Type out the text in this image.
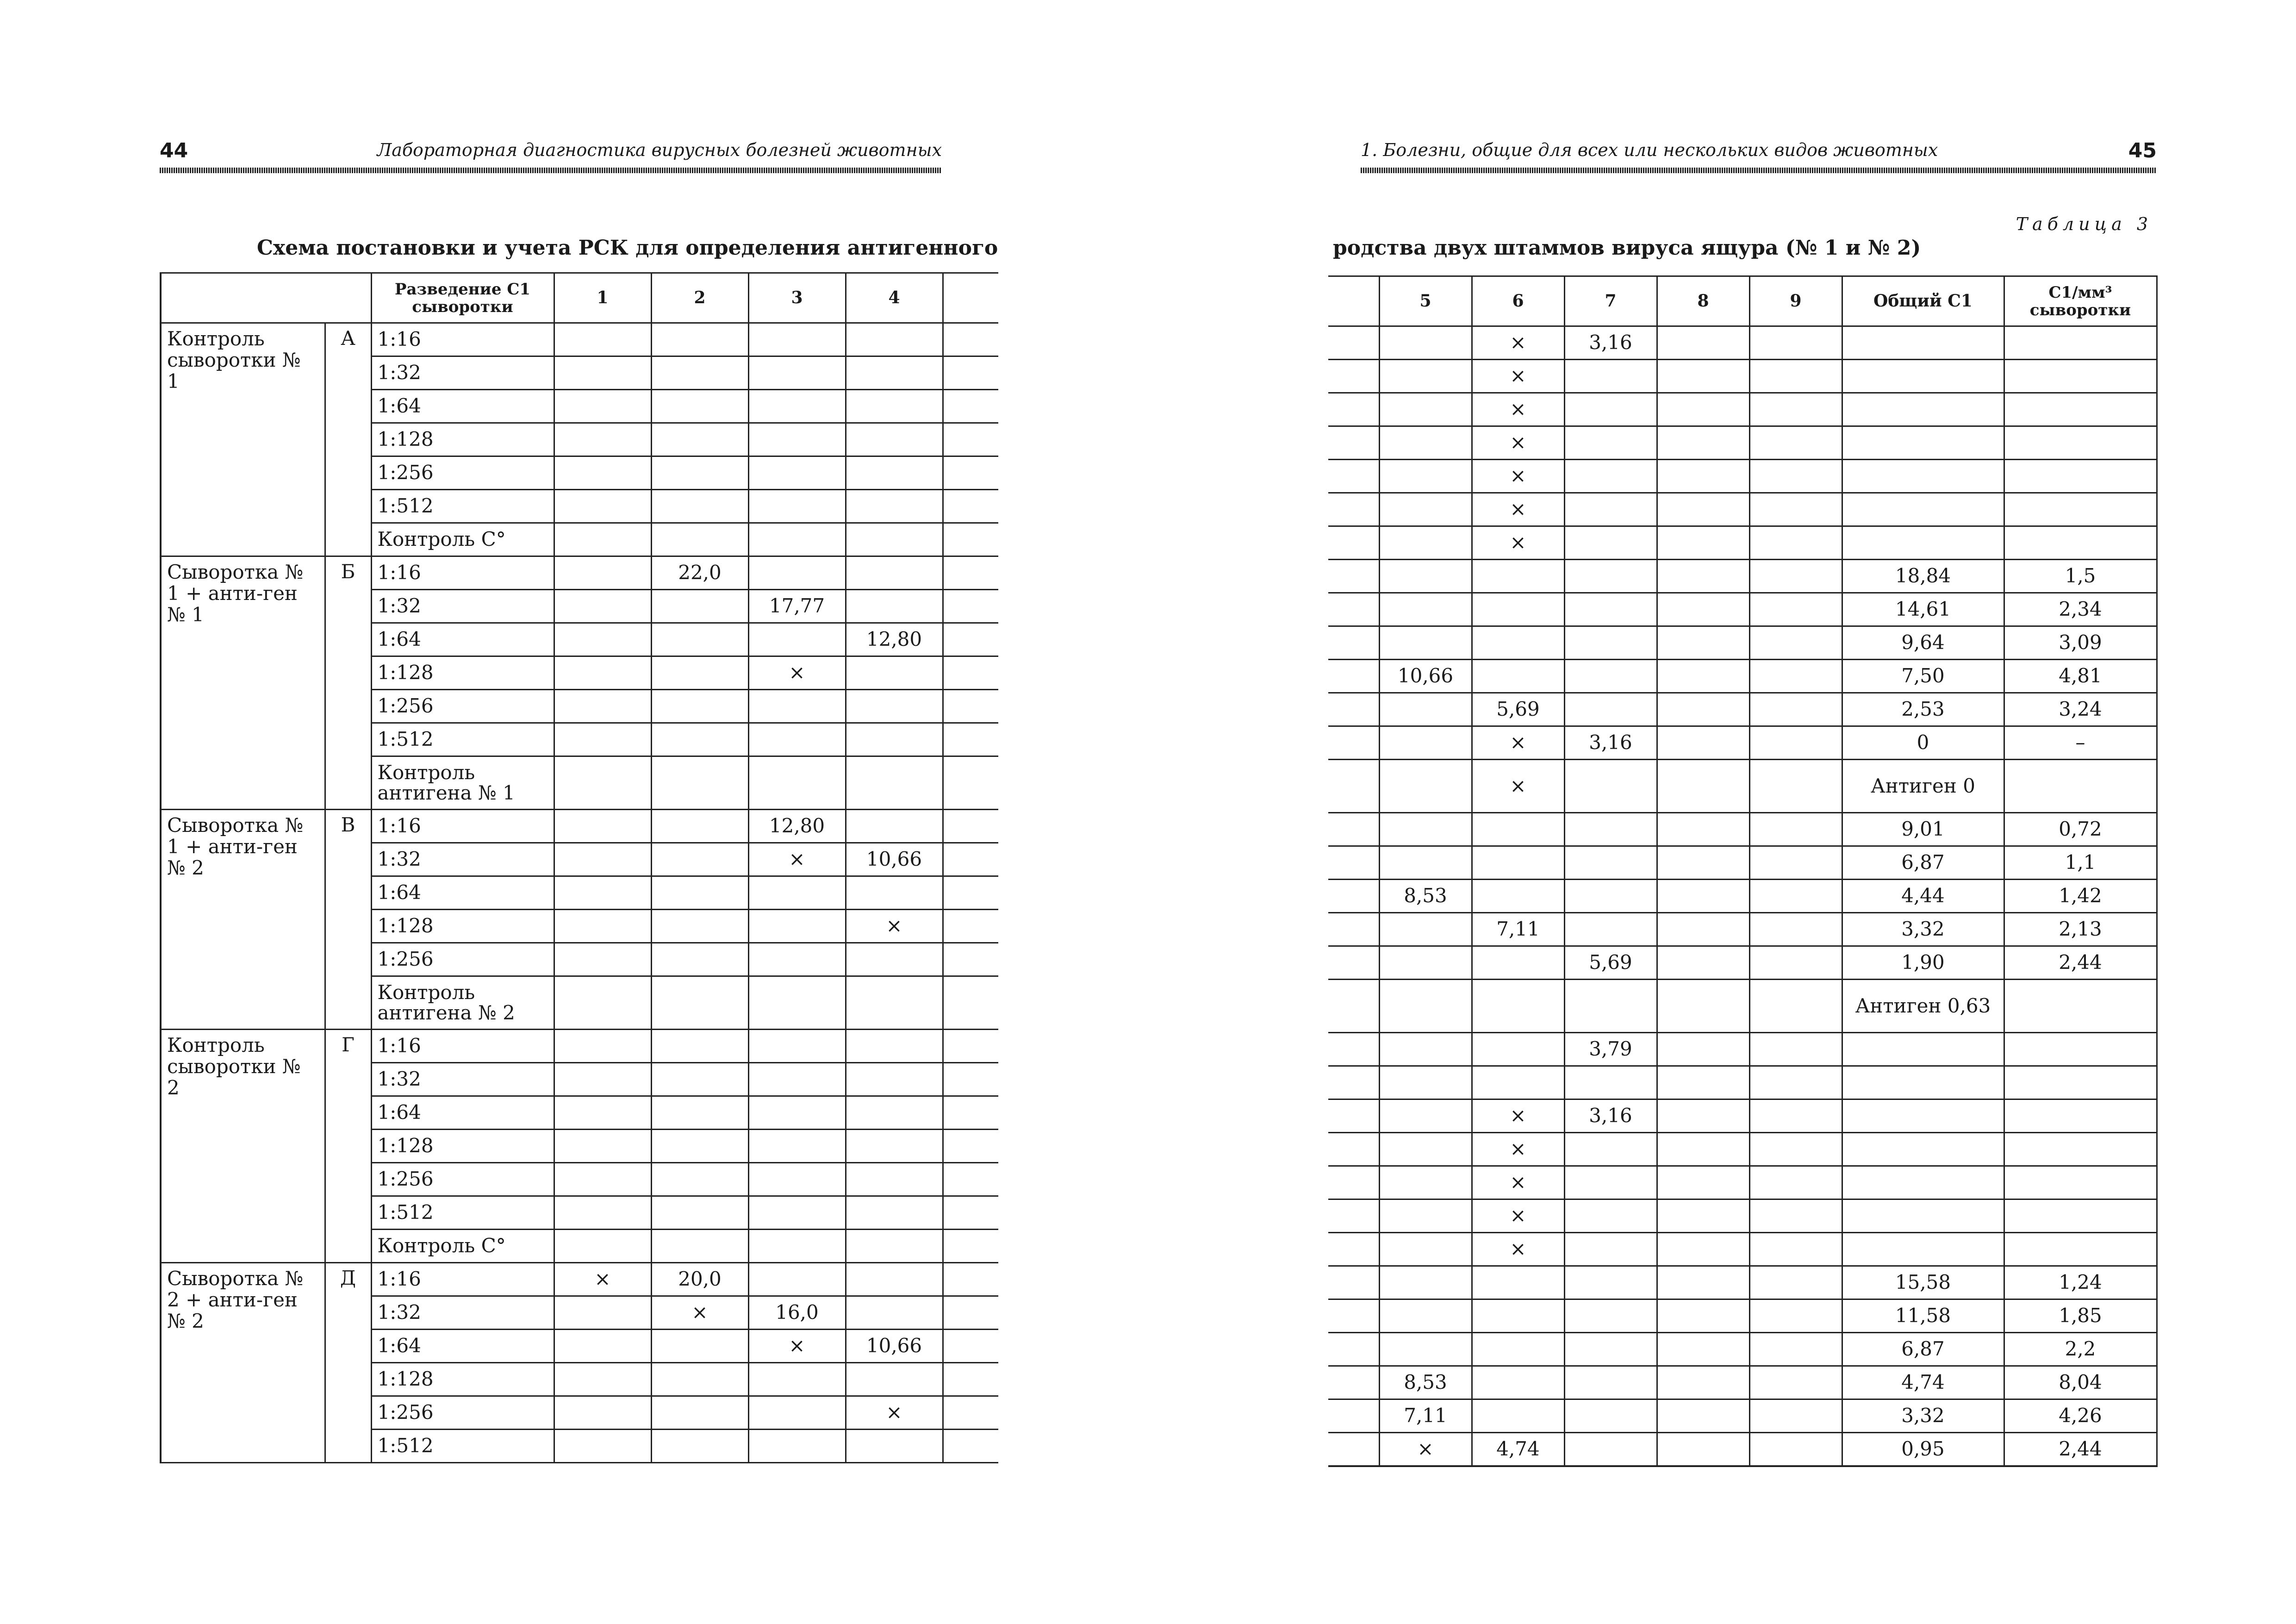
44	Лабораторная диагностика вирусных болезней животных
Схема постановки и учета РСК для определения антигенного
		Разведение С1 сыворотки	1	2	3	4	
Контроль сыворотки № 1	А	1:16					
		1:32					
		1:64					
		1:128					
		1:256					
		1:512					
		Контроль С°					
Сыворотка № 1 + анти-ген № 1	Б	1:16		22,0			
		1:32			17,77		
		1:64				12,80	
		1:128			×		
		1:256					
		1:512					
		Контроль антигена № 1					
Сыворотка № 1 + анти-ген № 2	В	1:16			12,80		
		1:32			×	10,66	
		1:64					
		1:128				×	
		1:256					
		Контроль антигена № 2					
Контроль сыворотки № 2	Г	1:16					
		1:32					
		1:64					
		1:128					
		1:256					
		1:512					
		Контроль С°					
Сыворотка № 2 + анти-ген № 2	Д	1:16	×	20,0			
		1:32		×	16,0		
		1:64			×	10,66	
		1:128					
		1:256				×	
		1:512					
1. Болезни, общие для всех или нескольких видов животных	45
Таблица 3
родства двух штаммов вируса ящура (№ 1 и № 2)
	5	6	7	8	9	Общий С1	С1/мм³ сыворотки
		×	3,16				
		×					
		×					
		×					
		×					
		×					
		×					
						18,84	1,5
						14,61	2,34
						9,64	3,09
	10,66					7,50	4,81
		5,69				2,53	3,24
		×	3,16			0	–
		×				Антиген 0	
						9,01	0,72
						6,87	1,1
	8,53					4,44	1,42
		7,11				3,32	2,13
			5,69			1,90	2,44
						Антиген 0,63	
			3,79				

		×	3,16				
		×					
		×					
		×					
		×					
						15,58	1,24
						11,58	1,85
						6,87	2,2
	8,53					4,74	8,04
	7,11					3,32	4,26
	×	4,74				0,95	2,44
